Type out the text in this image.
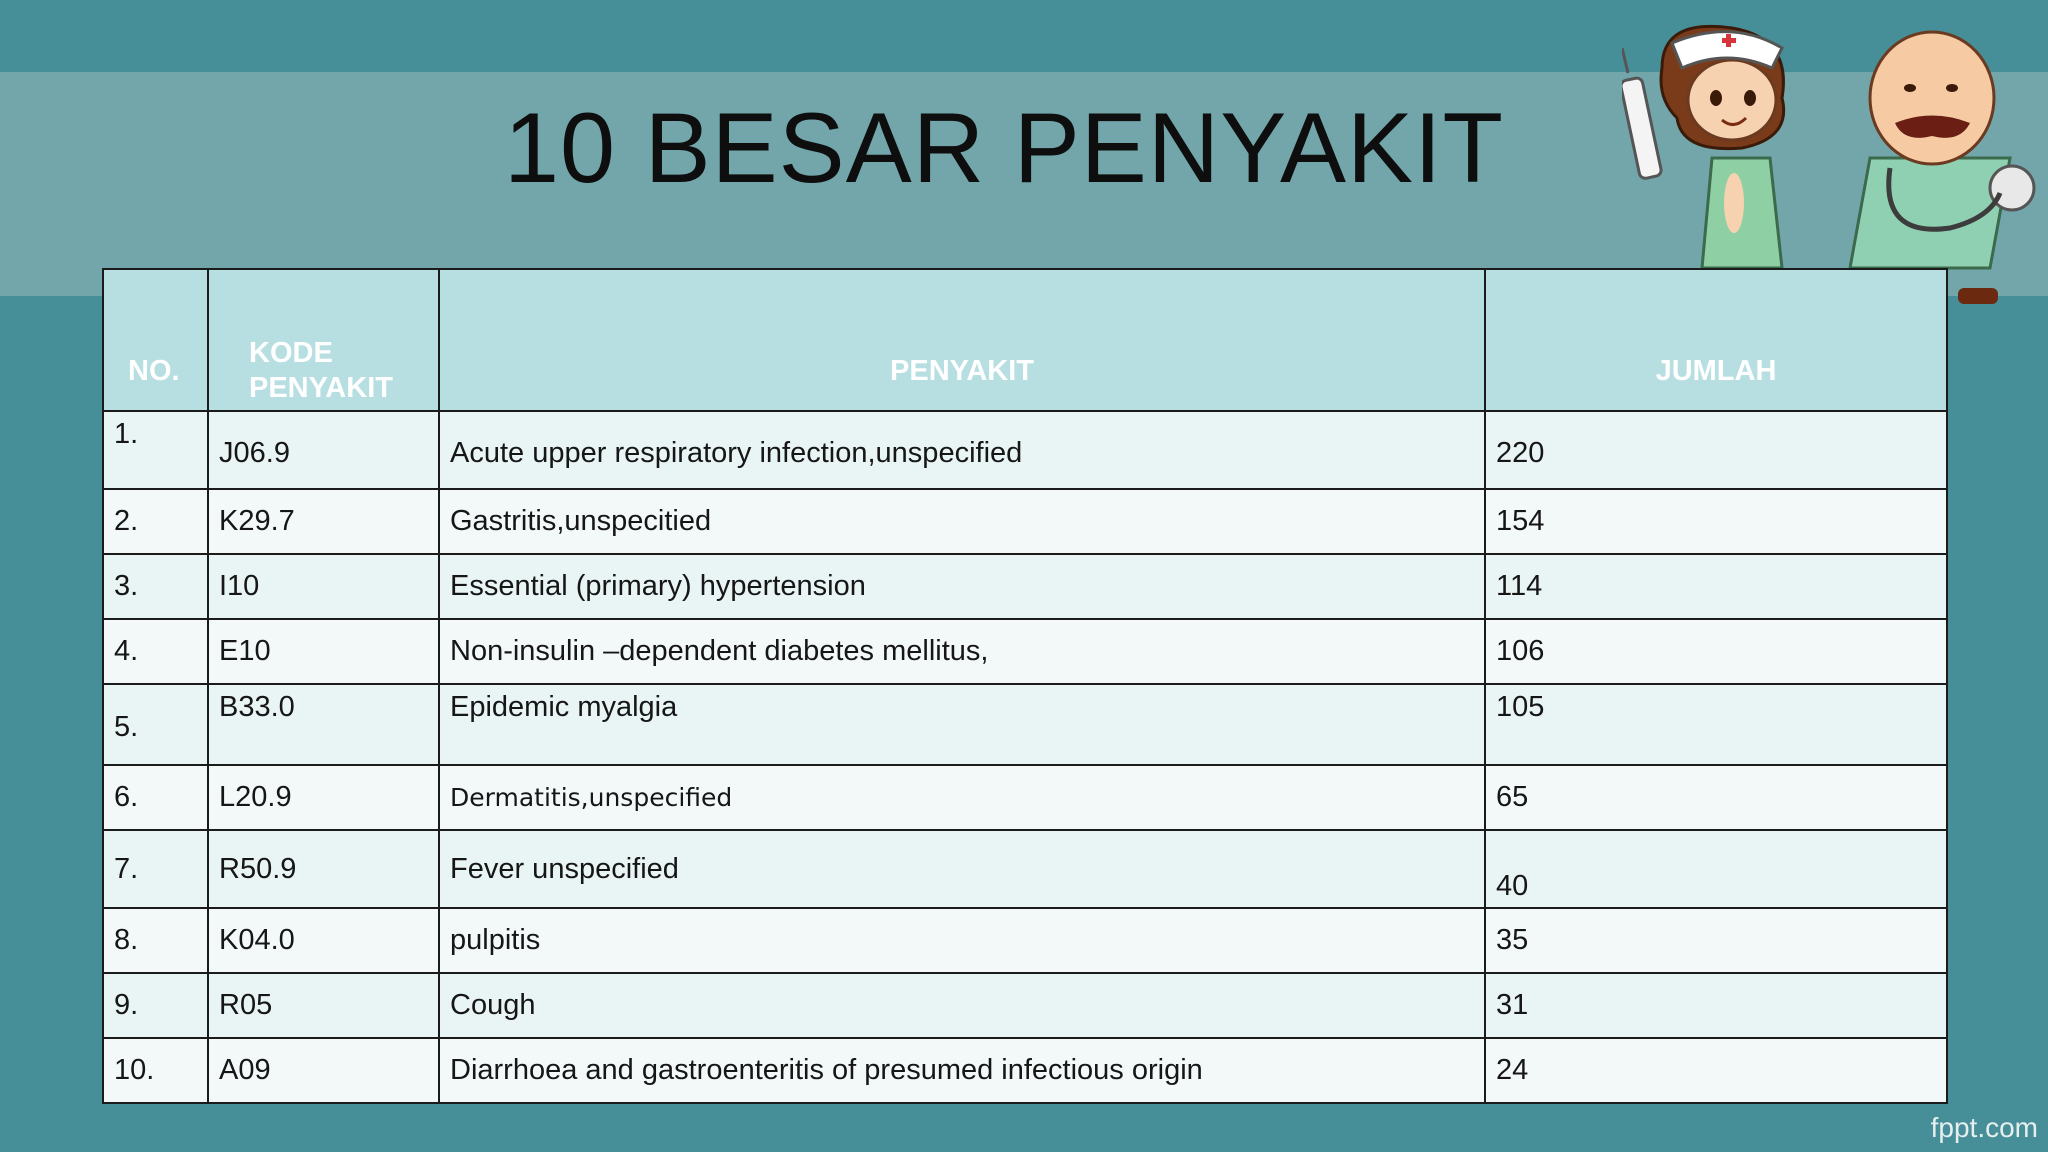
10 BESAR PENYAKIT
NO.	KODE PENYAKIT	PENYAKIT	JUMLAH
1.	J06.9	Acute upper respiratory infection,unspecified	220
2.	K29.7	Gastritis,unspecitied	154
3.	I10	Essential (primary) hypertension	114
4.	E10	Non-insulin –dependent diabetes mellitus,	106
5.	B33.0	Epidemic myalgia	105
6.	L20.9	Dermatitis,unspecified	65
7.	R50.9	Fever unspecified	40
8.	K04.0	pulpitis	35
9.	R05	Cough	31
10.	A09	Diarrhoea and gastroenteritis of presumed infectious origin	24
fppt.com
